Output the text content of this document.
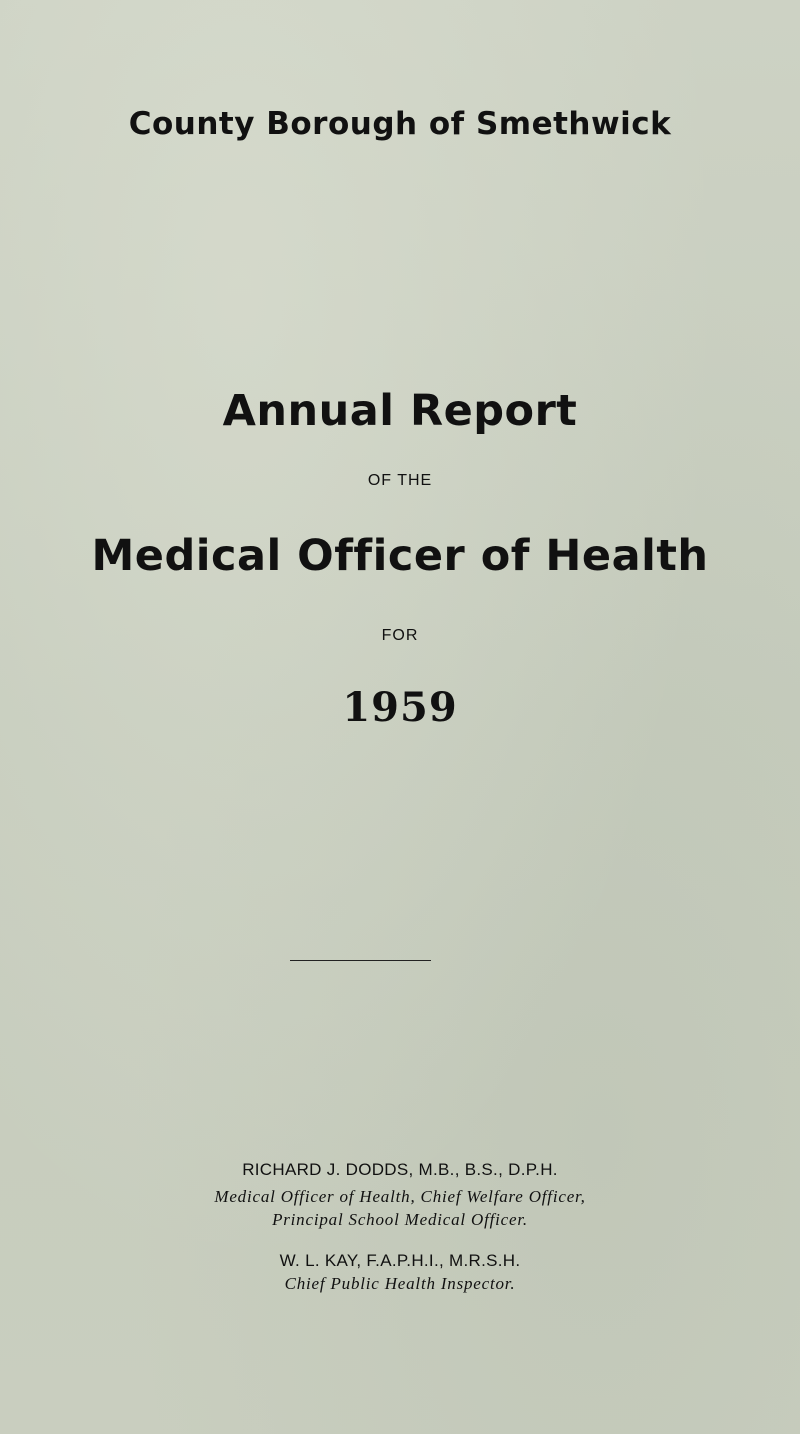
County Borough of Smethwick
Annual Report
OF THE
Medical Officer of Health
FOR
1959
RICHARD J. DODDS, M.B., B.S., D.P.H.
Medical Officer of Health, Chief Welfare Officer,
Principal School Medical Officer.
W. L. KAY, F.A.P.H.I., M.R.S.H.
Chief Public Health Inspector.
